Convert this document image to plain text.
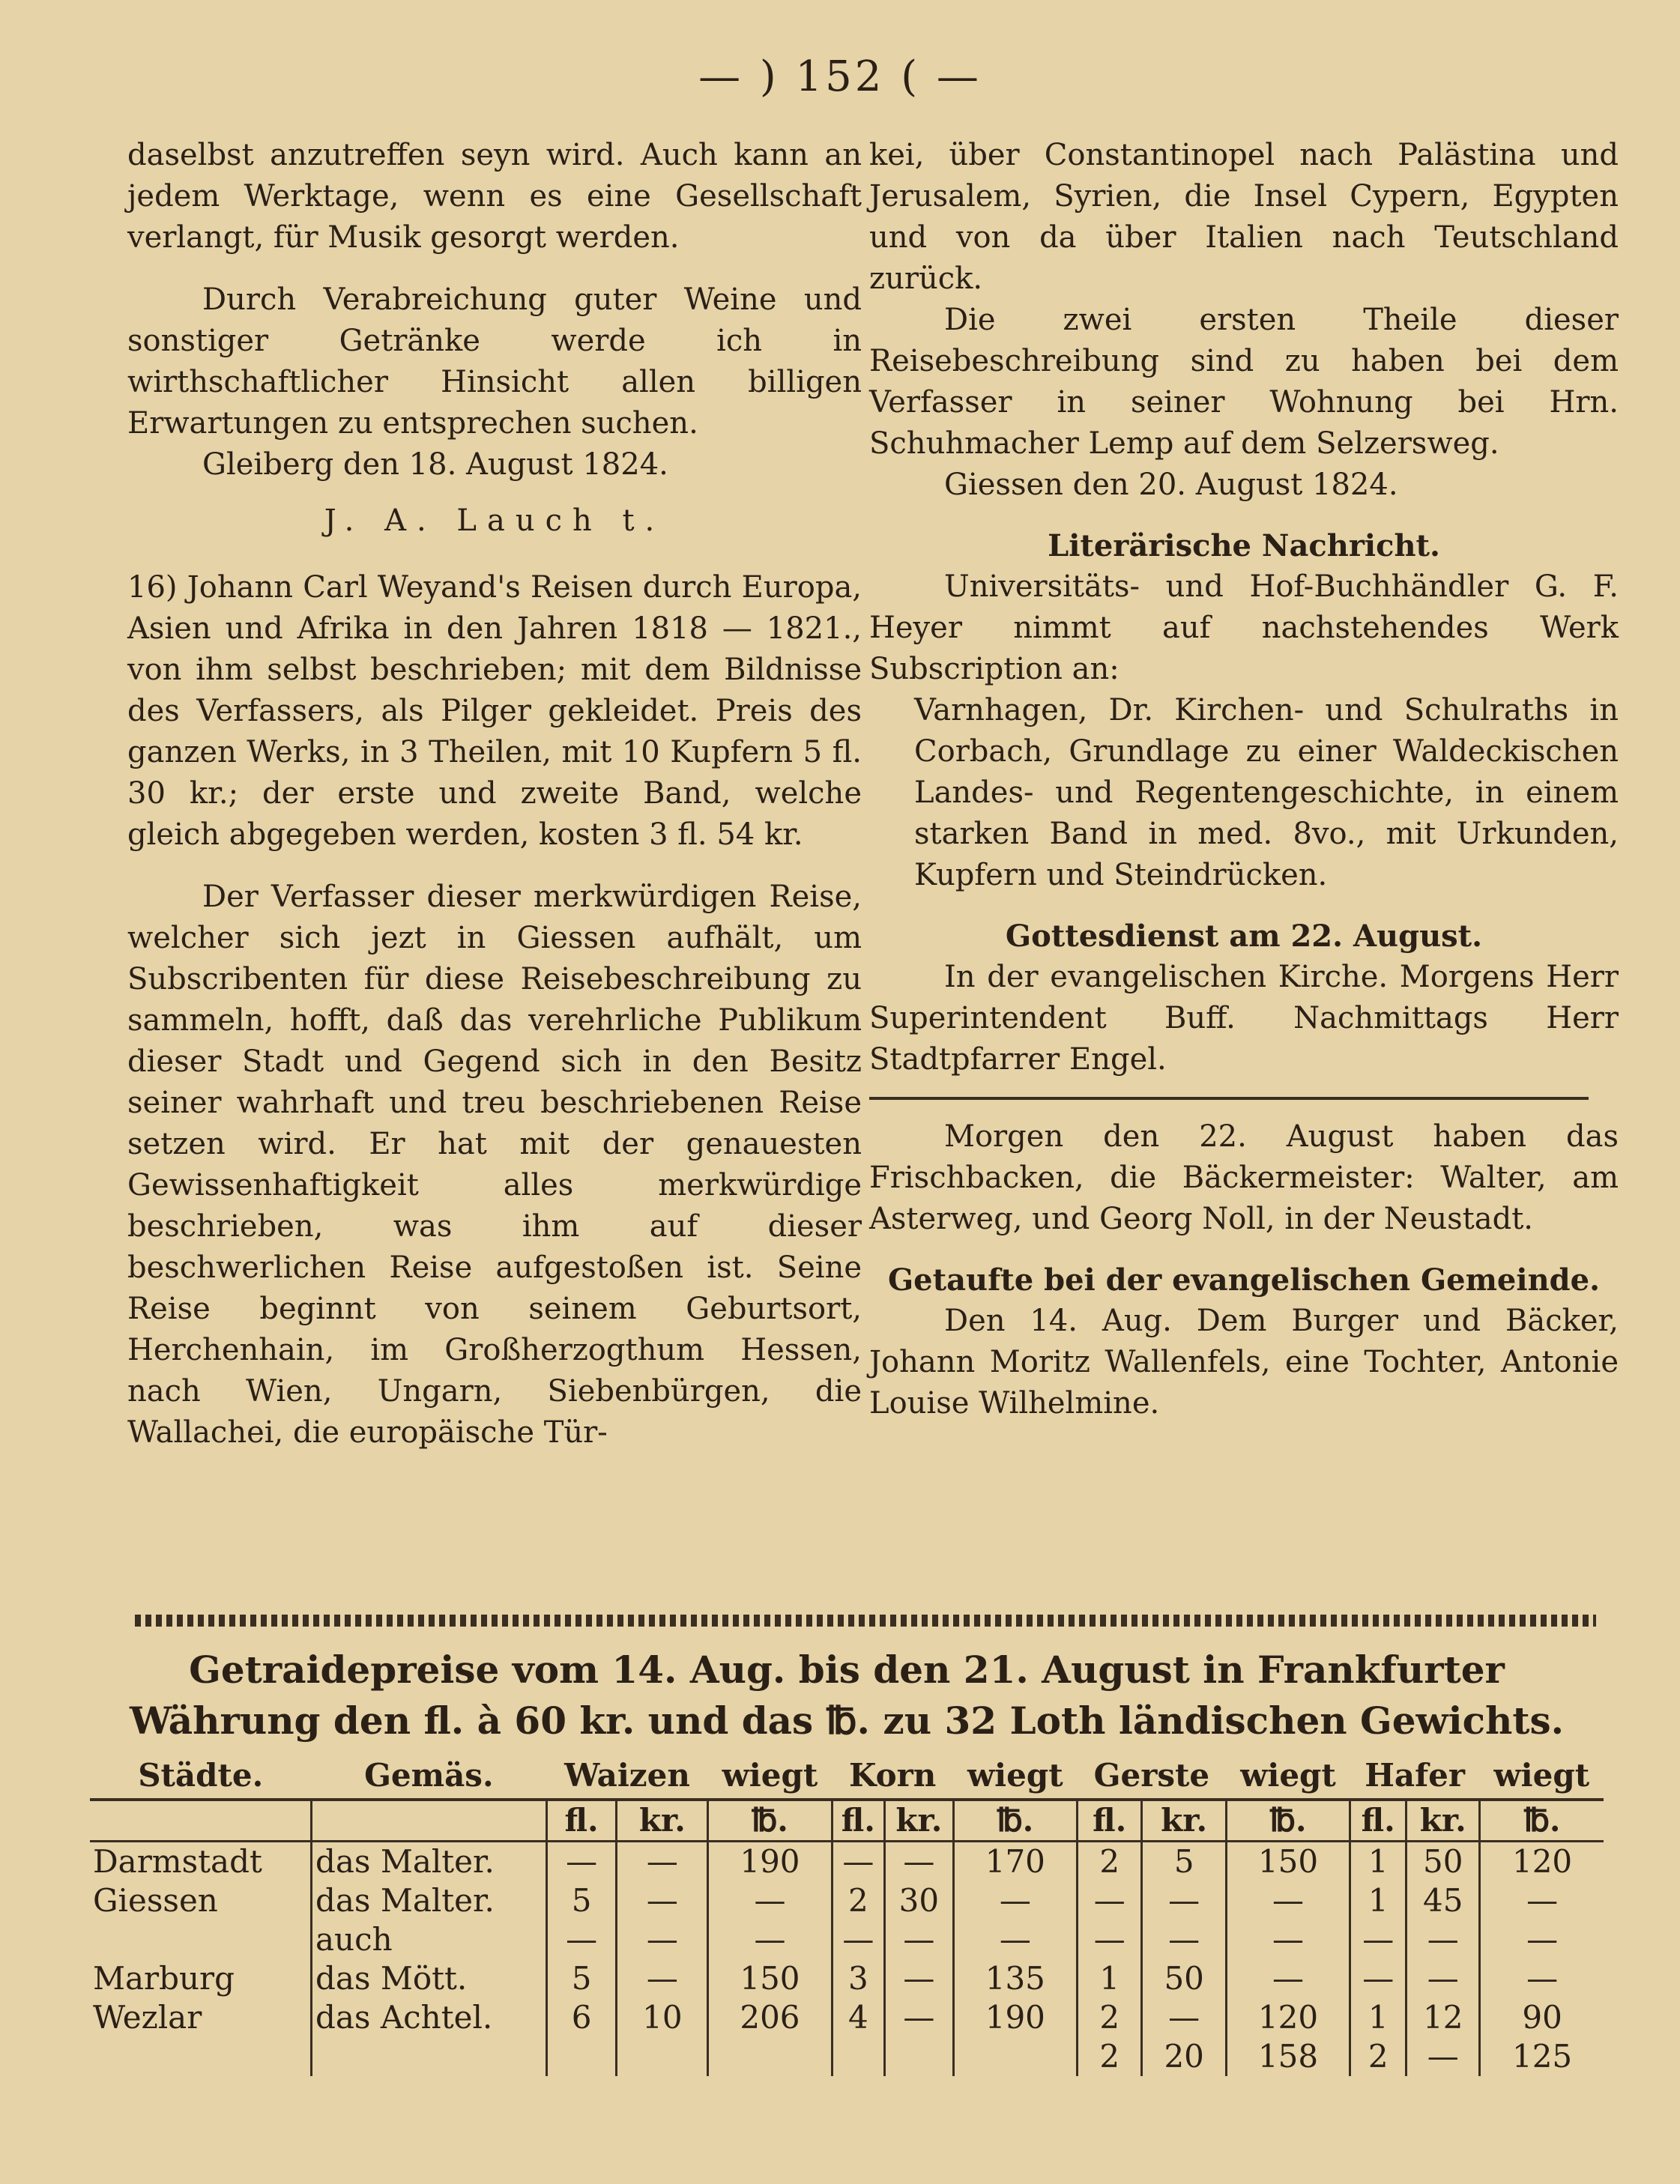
— ) 152 ( —

daselbst anzutreffen seyn wird. Auch kann an jedem Werktage, wenn es eine Gesellschaft verlangt, für Musik gesorgt werden.

Durch Verabreichung guter Weine und sonstiger Getränke werde ich in wirthschaftlicher Hinsicht allen billigen Erwartungen zu entsprechen suchen.

Gleiberg den 18. August 1824.

J. A. Lauch t.

16) Johann Carl Weyand's Reisen durch Europa, Asien und Afrika in den Jahren 1818 — 1821., von ihm selbst beschrieben; mit dem Bildnisse des Verfassers, als Pilger gekleidet. Preis des ganzen Werks, in 3 Theilen, mit 10 Kupfern 5 fl. 30 kr.; der erste und zweite Band, welche gleich abgegeben werden, kosten 3 fl. 54 kr.

Der Verfasser dieser merkwürdigen Reise, welcher sich jezt in Giessen aufhält, um Subscribenten für diese Reisebeschreibung zu sammeln, hofft, daß das verehrliche Publikum dieser Stadt und Gegend sich in den Besitz seiner wahrhaft und treu beschriebenen Reise setzen wird. Er hat mit der genauesten Gewissenhaftigkeit alles merkwürdige beschrieben, was ihm auf dieser beschwerlichen Reise aufgestoßen ist. Seine Reise beginnt von seinem Geburtsort, Herchenhain, im Großherzogthum Hessen, nach Wien, Ungarn, Siebenbürgen, die Wallachei, die europäische Tür-

kei, über Constantinopel nach Palästina und Jerusalem, Syrien, die Insel Cypern, Egypten und von da über Italien nach Teutschland zurück.

Die zwei ersten Theile dieser Reisebeschreibung sind zu haben bei dem Verfasser in seiner Wohnung bei Hrn. Schuhmacher Lemp auf dem Selzersweg.

Giessen den 20. August 1824.

Literärische Nachricht.

Universitäts- und Hof-Buchhändler G. F. Heyer nimmt auf nachstehendes Werk Subscription an:

Varnhagen, Dr. Kirchen- und Schulraths in Corbach, Grundlage zu einer Waldeckischen Landes- und Regentengeschichte, in einem starken Band in med. 8vo., mit Urkunden, Kupfern und Steindrücken.

Gottesdienst am 22. August.

In der evangelischen Kirche. Morgens Herr Superintendent Buff. Nachmittags Herr Stadtpfarrer Engel.

Morgen den 22. August haben das Frischbacken, die Bäckermeister: Walter, am Asterweg, und Georg Noll, in der Neustadt.

Getaufte bei der evangelischen Gemeinde.

Den 14. Aug. Dem Burger und Bäcker, Johann Moritz Wallenfels, eine Tochter, Antonie Louise Wilhelmine.

Getraidepreise vom 14. Aug. bis den 21. August in Frankfurter Währung den fl. à 60 kr. und das ℔. zu 32 Loth ländischen Gewichts.
Städte.	Gemäs.	Waizen		wiegt	Korn		wiegt	Gerste		wiegt	Hafer		wiegt
		fl.	kr.	℔.	fl.	kr.	℔.	fl.	kr.	℔.	fl.	kr.	℔.
Darmstadt	das Malter.	—	—	190	—	—	170	2	5	150	1	50	120
Giessen	das Malter.	5	—	—	2	30	—	—	—	—	1	45	—
	auch	—	—	—	—	—	—	—	—	—	—	—	—
Marburg	das Mött.	5	—	150	3	—	135	1	50	—	—	—	—
Wezlar	das Achtel.	6	10	206	4	—	190	2	—	120	1	12	90
								2	20	158	2	—	125
